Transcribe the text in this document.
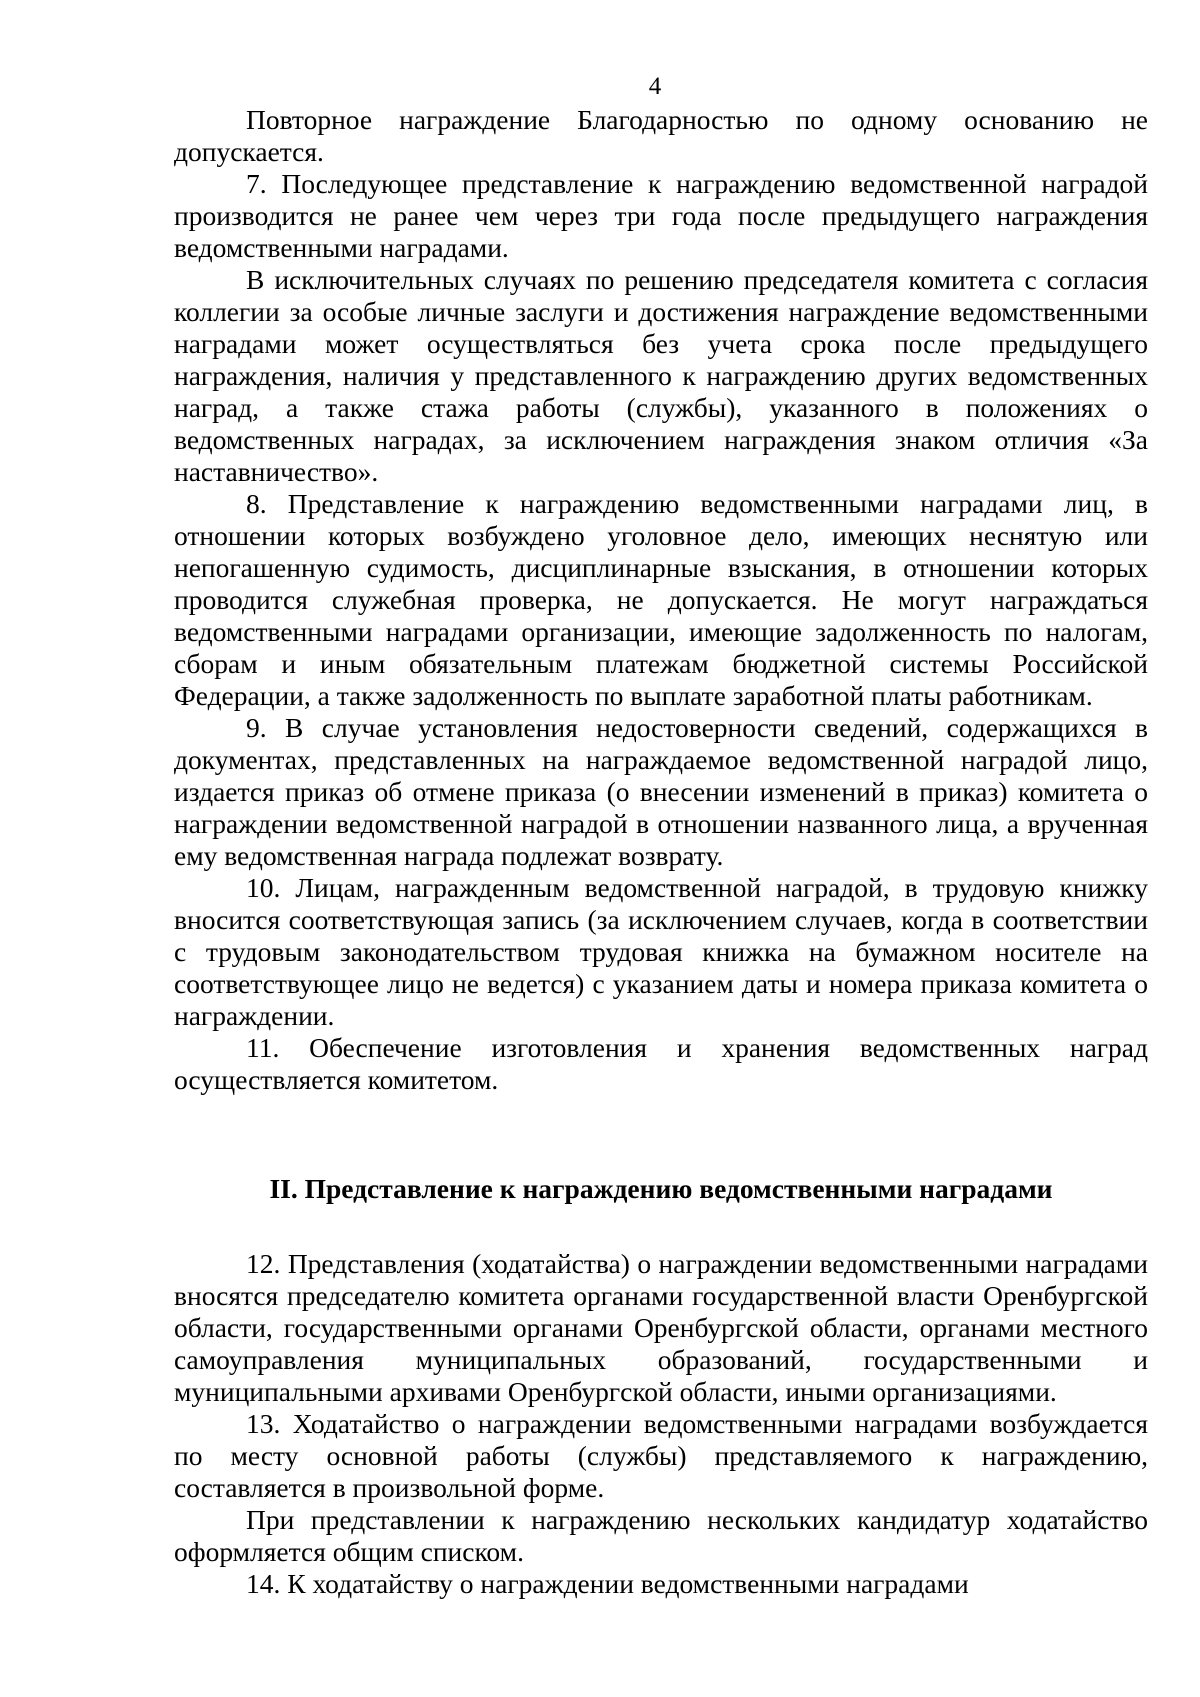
4

Повторное награждение Благодарностью по одному основанию не допускается.

7. Последующее представление к награждению ведомственной наградой производится не ранее чем через три года после предыдущего награждения ведомственными наградами.

В исключительных случаях по решению председателя комитета с согласия коллегии за особые личные заслуги и достижения награждение ведомственными наградами может осуществляться без учета срока после предыдущего награждения, наличия у представленного к награждению других ведомственных наград, а также стажа работы (службы), указанного в положениях о ведомственных наградах, за исключением награждения знаком отличия «За наставничество».

8. Представление к награждению ведомственными наградами лиц, в отношении которых возбуждено уголовное дело, имеющих неснятую или непогашенную судимость, дисциплинарные взыскания, в отношении которых проводится служебная проверка, не допускается. Не могут награждаться ведомственными наградами организации, имеющие задолженность по налогам, сборам и иным обязательным платежам бюджетной системы Российской Федерации, а также задолженность по выплате заработной платы работникам.

9. В случае установления недостоверности сведений, содержащихся в документах, представленных на награждаемое ведомственной наградой лицо, издается приказ об отмене приказа (о внесении изменений в приказ) комитета о награждении ведомственной наградой в отношении названного лица, а врученная ему ведомственная награда подлежат возврату.

10. Лицам, награжденным ведомственной наградой, в трудовую книжку вносится соответствующая запись (за исключением случаев, когда в соответствии с трудовым законодательством трудовая книжка на бумажном носителе на соответствующее лицо не ведется) с указанием даты и номера приказа комитета о награждении.

11. Обеспечение изготовления и хранения ведомственных наград осуществляется комитетом.

II. Представление к награждению ведомственными наградами

12. Представления (ходатайства) о награждении ведомственными наградами вносятся председателю комитета органами государственной власти Оренбургской области, государственными органами Оренбургской области, органами местного самоуправления муниципальных образований, государственными и муниципальными архивами Оренбургской области, иными организациями.

13. Ходатайство о награждении ведомственными наградами возбуждается по месту основной работы (службы) представляемого к награждению, составляется в произвольной форме.

При представлении к награждению нескольких кандидатур ходатайство оформляется общим списком.

14. К ходатайству о награждении ведомственными наградами
